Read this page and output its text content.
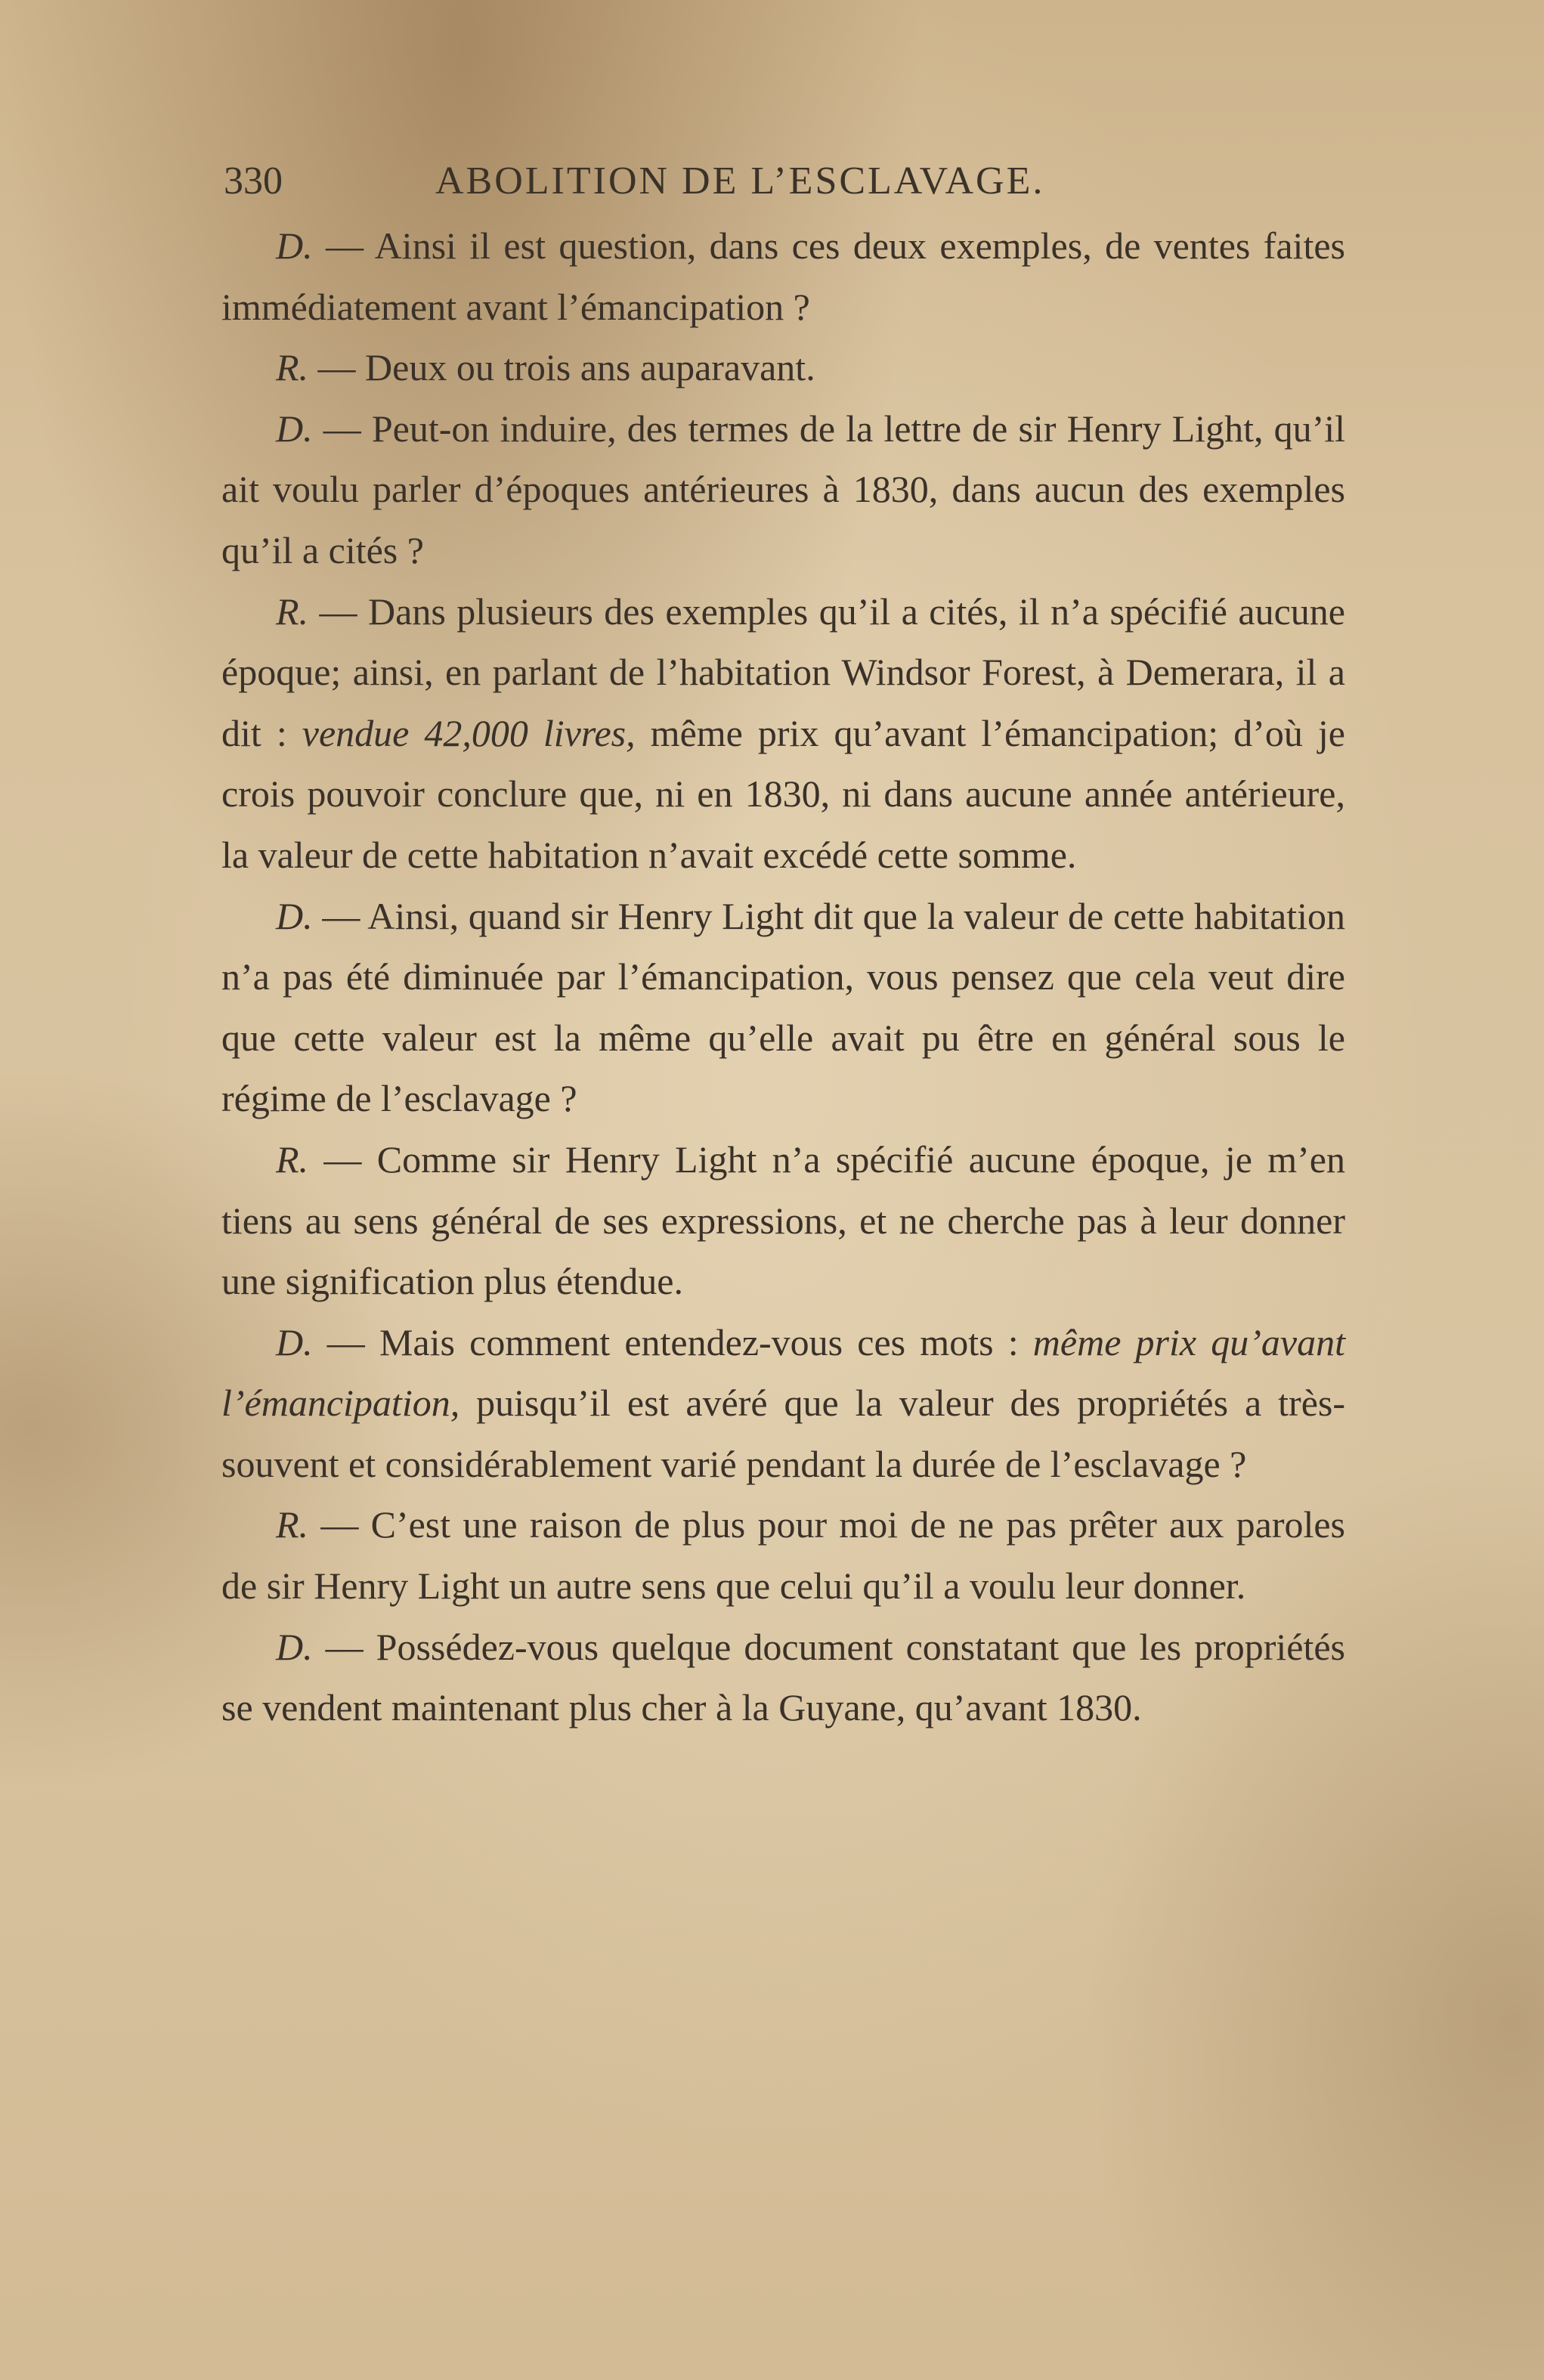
330	ABOLITION DE L’ESCLAVAGE.

D. — Ainsi il est question, dans ces deux exemples, de ventes faites immédiatement avant l’émancipation ?

R. — Deux ou trois ans auparavant.

D. — Peut-on induire, des termes de la lettre de sir Henry Light, qu’il ait voulu parler d’époques antérieures à 1830, dans aucun des exemples qu’il a cités ?

R. — Dans plusieurs des exemples qu’il a cités, il n’a spécifié aucune époque; ainsi, en parlant de l’habitation Windsor Forest, à Demerara, il a dit : vendue 42,000 livres, même prix qu’avant l’émancipation; d’où je crois pouvoir conclure que, ni en 1830, ni dans aucune année antérieure, la valeur de cette habitation n’avait excédé cette somme.

D. — Ainsi, quand sir Henry Light dit que la valeur de cette habitation n’a pas été diminuée par l’émancipation, vous pensez que cela veut dire que cette valeur est la même qu’elle avait pu être en général sous le régime de l’esclavage ?

R. — Comme sir Henry Light n’a spécifié aucune époque, je m’en tiens au sens général de ses expressions, et ne cherche pas à leur donner une signification plus étendue.

D. — Mais comment entendez-vous ces mots : même prix qu’avant l’émancipation, puisqu’il est avéré que la valeur des propriétés a très-souvent et considérablement varié pendant la durée de l’esclavage ?

R. — C’est une raison de plus pour moi de ne pas prêter aux paroles de sir Henry Light un autre sens que celui qu’il a voulu leur donner.

D. — Possédez-vous quelque document constatant que les propriétés se vendent maintenant plus cher à la Guyane, qu’avant 1830.
